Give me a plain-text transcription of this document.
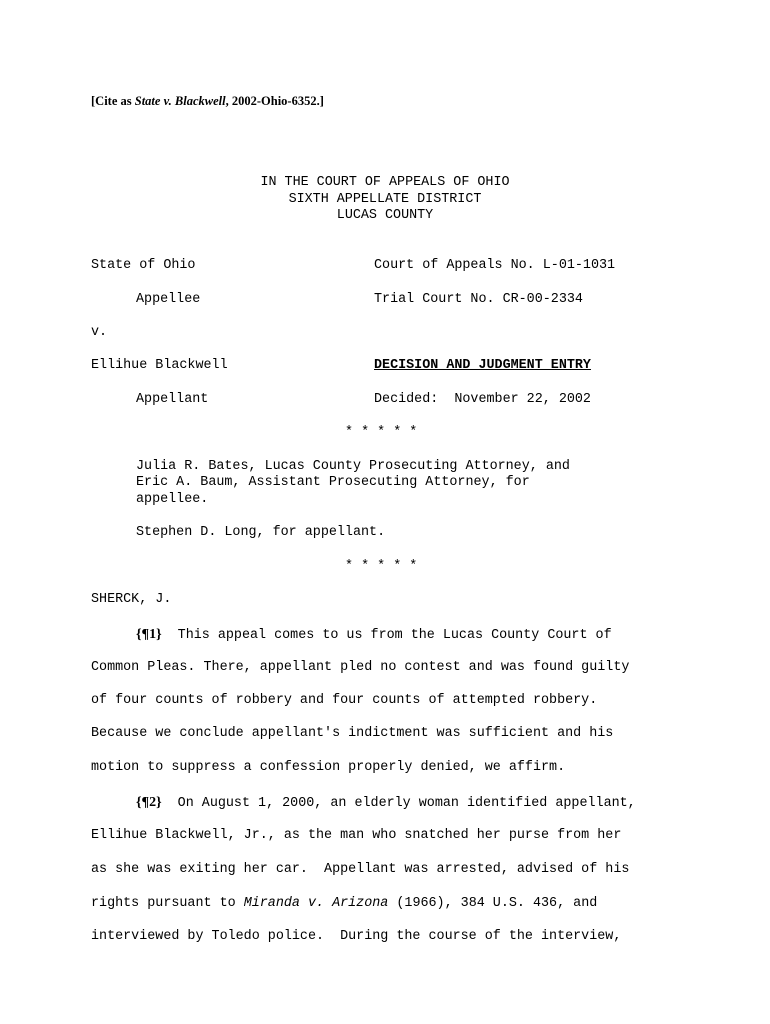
[Cite as State v. Blackwell, 2002-Ohio-6352.]
IN THE COURT OF APPEALS OF OHIO
SIXTH APPELLATE DISTRICT
LUCAS COUNTY
State of Ohio	Court of Appeals No. L-01-1031
Appellee	Trial Court No. CR-00-2334
v.
Ellihue Blackwell	DECISION AND JUDGMENT ENTRY
Appellant	Decided:  November 22, 2002
* * * * *
Julia R. Bates, Lucas County Prosecuting Attorney, and
Eric A. Baum, Assistant Prosecuting Attorney, for
appellee.
Stephen D. Long, for appellant.
* * * * *
SHERCK, J.
{¶1} This appeal comes to us from the Lucas County Court of
Common Pleas. There, appellant pled no contest and was found guilty
of four counts of robbery and four counts of attempted robbery.
Because we conclude appellant's indictment was sufficient and his
motion to suppress a confession properly denied, we affirm.
{¶2} On August 1, 2000, an elderly woman identified appellant,
Ellihue Blackwell, Jr., as the man who snatched her purse from her
as she was exiting her car.  Appellant was arrested, advised of his
rights pursuant to Miranda v. Arizona (1966), 384 U.S. 436, and
interviewed by Toledo police.  During the course of the interview,
